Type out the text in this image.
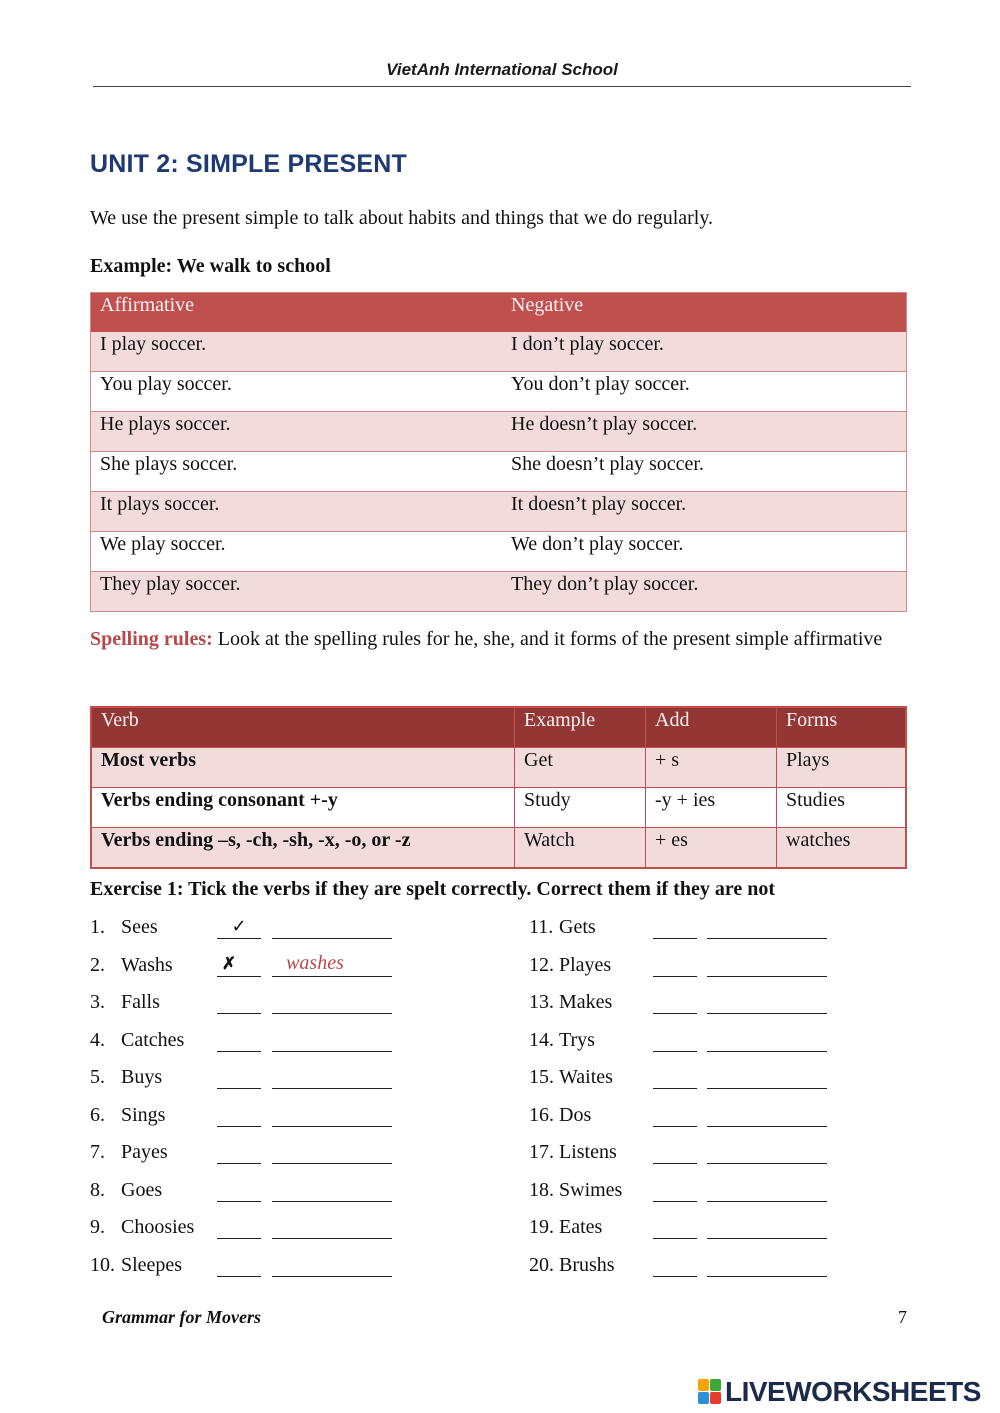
VietAnh International School
UNIT 2: SIMPLE PRESENT
We use the present simple to talk about habits and things that we do regularly.
Example: We walk to school
Affirmative	Negative
I play soccer.	I don’t play soccer.
You play soccer.	You don’t play soccer.
He plays soccer.	He doesn’t play soccer.
She plays soccer.	She doesn’t play soccer.
It plays soccer.	It doesn’t play soccer.
We play soccer.	We don’t play soccer.
They play soccer.	They don’t play soccer.
Spelling rules: Look at the spelling rules for he, she, and it forms of the present simple affirmative
Verb	Example	Add	Forms
Most verbs	Get	+ s	Plays
Verbs ending consonant +-y	Study	-y + ies	Studies
Verbs ending –s, -ch, -sh, -x, -o, or -z	Watch	+ es	watches
Exercise 1: Tick the verbs if they are spelt correctly. Correct them if they are not
1. Sees	✓
2. Washs	✗	washes
3. Falls
4. Catches
5. Buys
6. Sings
7. Payes
8. Goes
9. Choosies
10. Sleepes
11. Gets
12. Playes
13. Makes
14. Trys
15. Waites
16. Dos
17. Listens
18. Swimes
19. Eates
20. Brushs
Grammar for Movers	7
LIVEWORKSHEETS
